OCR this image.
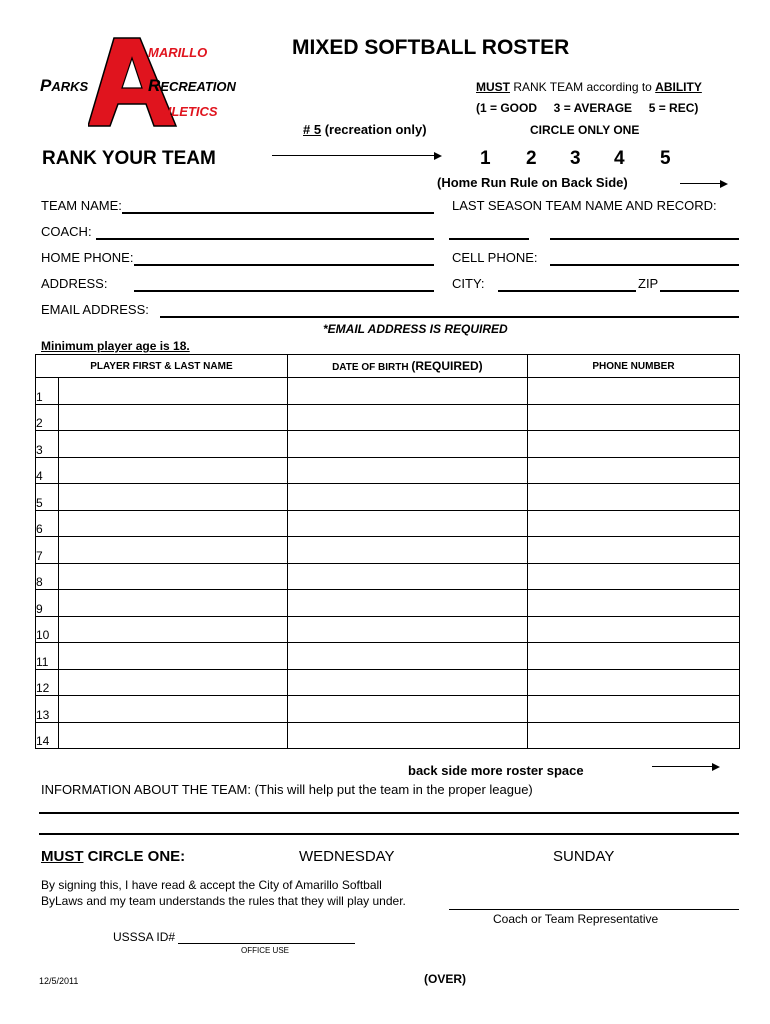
MARILLO
PARKS	RECREATION
THLETICS
MIXED SOFTBALL ROSTER
MUST RANK TEAM according to ABILITY
(1 = GOOD     3 = AVERAGE     5 = REC)
# 5 (recreation only)	CIRCLE ONLY ONE
RANK YOUR TEAM	1 2 3 4 5
(Home Run Rule on Back Side)
TEAM NAME:	LAST SEASON TEAM NAME AND RECORD:
COACH:
HOME PHONE:	CELL PHONE:
ADDRESS:	CITY:	ZIP
EMAIL ADDRESS:
*EMAIL ADDRESS IS REQUIRED
Minimum player age is 18.
PLAYER FIRST & LAST NAME		DATE OF BIRTH (REQUIRED)	PHONE NUMBER
1			
2			
3			
4			
5			
6			
7			
8			
9			
10			
11			
12			
13			
14			
back side more roster space
INFORMATION ABOUT THE TEAM: (This will help put the team in the proper league)
MUST CIRCLE ONE:	WEDNESDAY	SUNDAY
By signing this, I have read & accept the City of Amarillo Softball
ByLaws and my team understands the rules that they will play under.
Coach or Team Representative
USSSA ID#
OFFICE USE
12/5/2011	(OVER)
